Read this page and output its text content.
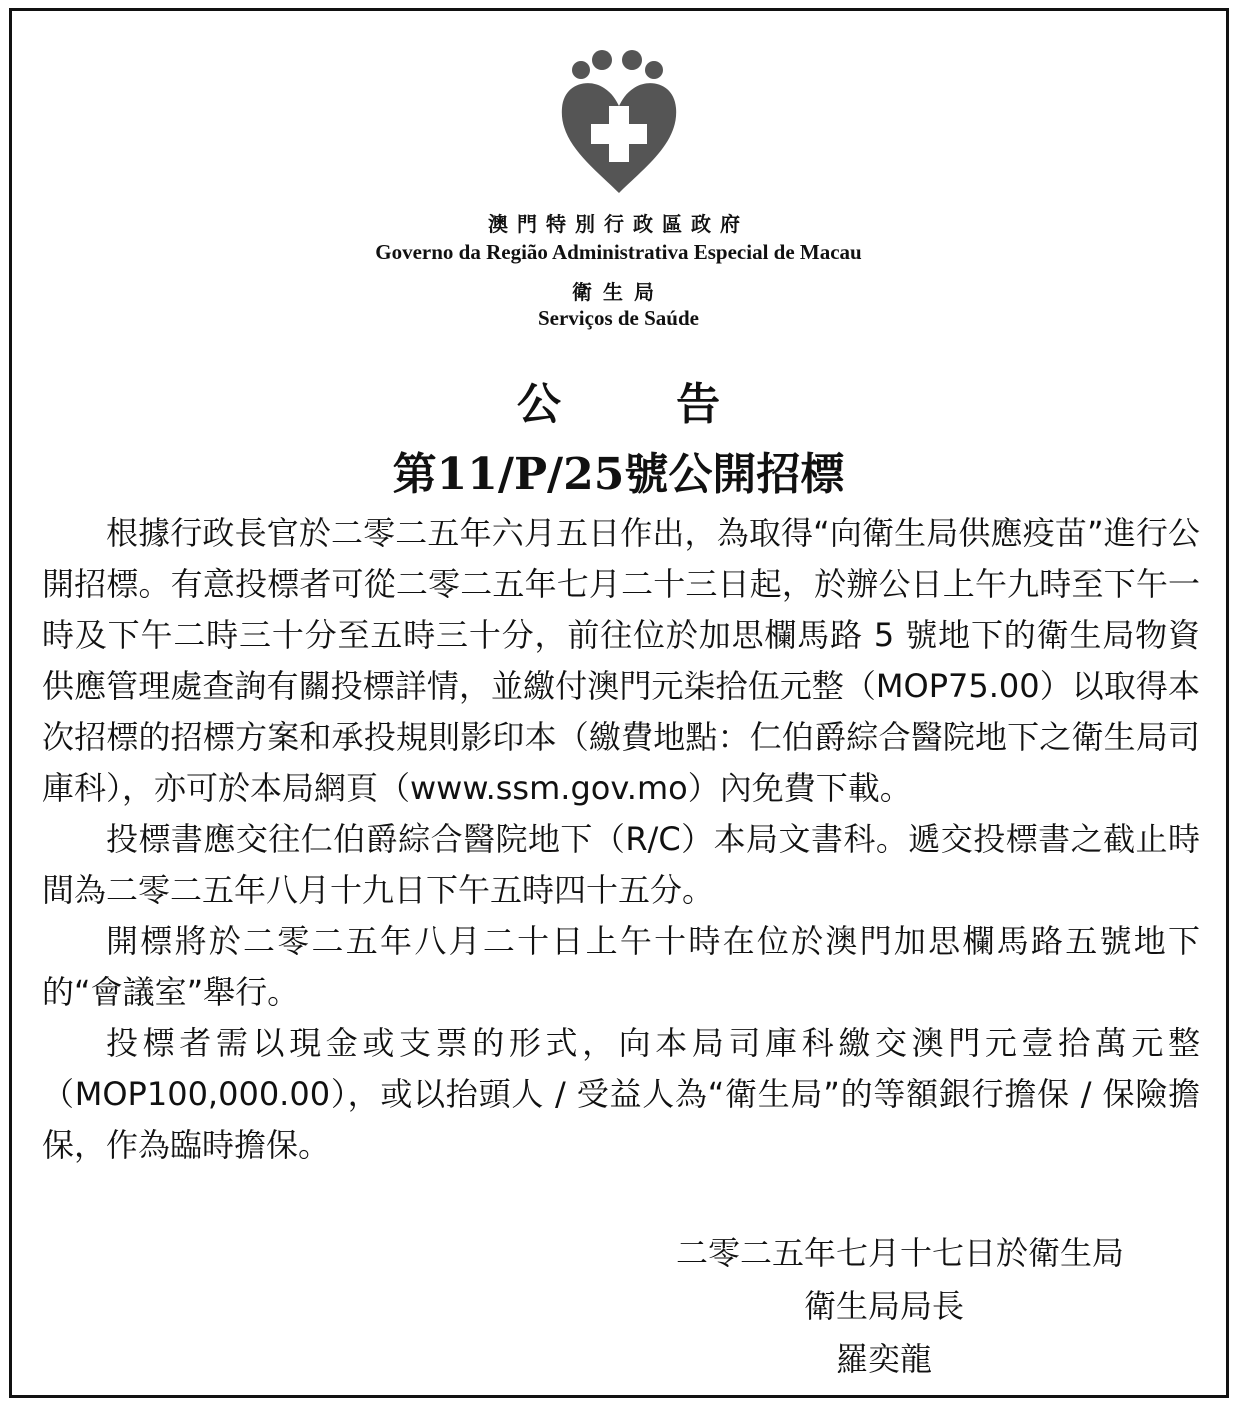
澳門特別行政區政府
Governo da Região Administrativa Especial de Macau
衛生局
Serviços de Saúde
公 告
第11/P/25號公開招標

根據行政長官於二零二五年六月五日作出，為取得“向衛生局供應疫苗”進行公開招標。有意投標者可從二零二五年七月二十三日起，於辦公日上午九時至下午一時及下午二時三十分至五時三十分，前往位於加思欄馬路 5 號地下的衛生局物資供應管理處查詢有關投標詳情，並繳付澳門元柒拾伍元整（MOP75.00）以取得本次招標的招標方案和承投規則影印本（繳費地點：仁伯爵綜合醫院地下之衛生局司庫科），亦可於本局網頁（www.ssm.gov.mo）內免費下載。

投標書應交往仁伯爵綜合醫院地下（R/C）本局文書科。遞交投標書之截止時間為二零二五年八月十九日下午五時四十五分。

開標將於二零二五年八月二十日上午十時在位於澳門加思欄馬路五號地下的“會議室”舉行。

投標者需以現金或支票的形式，向本局司庫科繳交澳門元壹拾萬元整（MOP100,000.00），或以抬頭人 / 受益人為“衛生局”的等額銀行擔保 / 保險擔保，作為臨時擔保。

二零二五年七月十七日於衛生局
衛生局局長
羅奕龍
